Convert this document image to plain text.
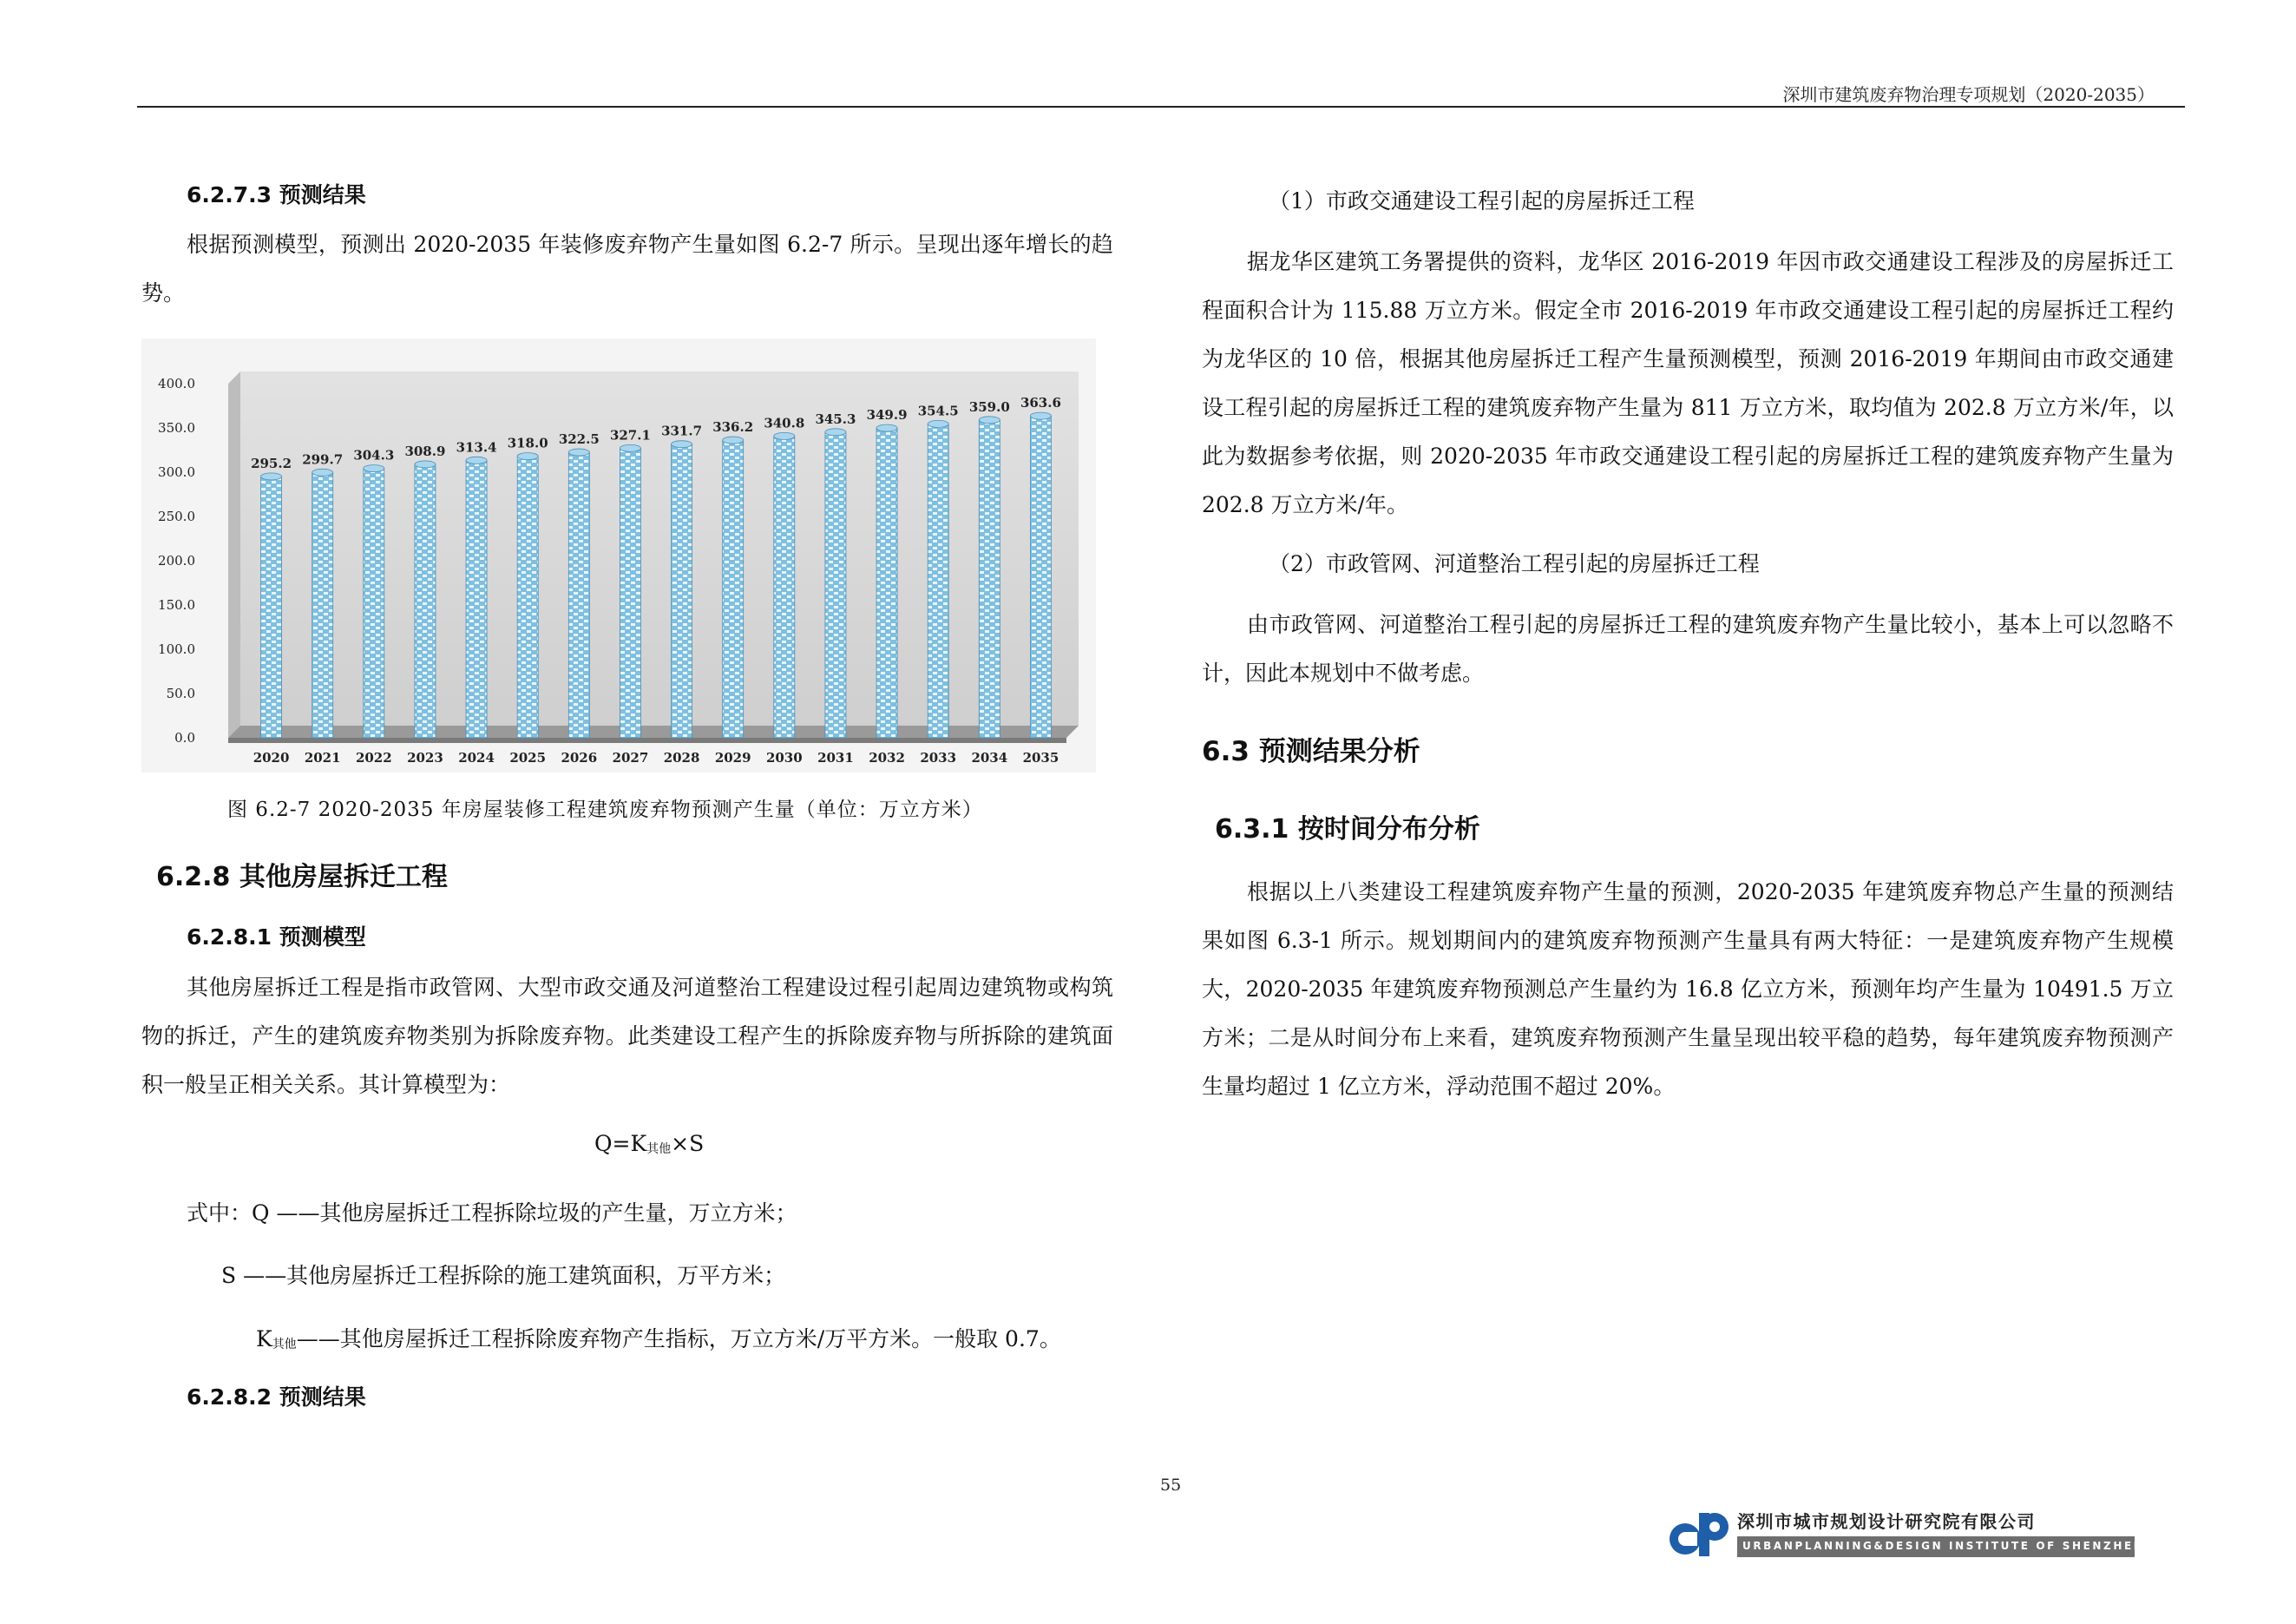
深圳市建筑废弃物治理专项规划（2020-2035）
6.2.7.3 预测结果
根据预测模型，预测出 2020-2035 年装修废弃物产生量如图 6.2-7 所示。呈现出逐年增长的趋势。
0.0
50.0
100.0
150.0
200.0
250.0
300.0
350.0
400.0
295.2 299.7 304.3 308.9 313.4 318.0 322.5 327.1 331.7 336.2 340.8 345.3 349.9 354.5 359.0 363.6
2020 2021 2022 2023 2024 2025 2026 2027 2028 2029 2030 2031 2032 2033 2034 2035
图 6.2-7 2020-2035 年房屋装修工程建筑废弃物预测产生量（单位：万立方米）
6.2.8 其他房屋拆迁工程
6.2.8.1 预测模型
其他房屋拆迁工程是指市政管网、大型市政交通及河道整治工程建设过程引起周边建筑物或构筑物的拆迁，产生的建筑废弃物类别为拆除废弃物。此类建设工程产生的拆除废弃物与所拆除的建筑面积一般呈正相关关系。其计算模型为：
$Q=K_{其他}\times S$
式中：Q ——其他房屋拆迁工程拆除垃圾的产生量，万立方米；
S ——其他房屋拆迁工程拆除的施工建筑面积，万平方米；
$K_{其他}——$其他房屋拆迁工程拆除废弃物产生指标，万立方米/万平方米。一般取 0.7。
6.2.8.2 预测结果
（1）市政交通建设工程引起的房屋拆迁工程
据龙华区建筑工务署提供的资料，龙华区 2016-2019 年因市政交通建设工程涉及的房屋拆迁工程面积合计为 115.88 万立方米。假定全市 2016-2019 年市政交通建设工程引起的房屋拆迁工程约为龙华区的 10 倍，根据其他房屋拆迁工程产生量预测模型，预测 2016-2019 年期间由市政交通建设工程引起的房屋拆迁工程的建筑废弃物产生量为 811 万立方米，取均值为 202.8 万立方米/年，以此为数据参考依据，则 2020-2035 年市政交通建设工程引起的房屋拆迁工程的建筑废弃物产生量为 202.8 万立方米/年。
（2）市政管网、河道整治工程引起的房屋拆迁工程
由市政管网、河道整治工程引起的房屋拆迁工程的建筑废弃物产生量比较小，基本上可以忽略不计，因此本规划中不做考虑。
6.3 预测结果分析
6.3.1 按时间分布分析
根据以上八类建设工程建筑废弃物产生量的预测，2020-2035 年建筑废弃物总产生量的预测结果如图 6.3-1 所示。规划期间内的建筑废弃物预测产生量具有两大特征：一是建筑废弃物产生规模大，2020-2035 年建筑废弃物预测总产生量约为 16.8 亿立方米，预测年均产生量为 10491.5 万立方米；二是从时间分布上来看，建筑废弃物预测产生量呈现出较平稳的趋势，每年建筑废弃物预测产生量均超过 1 亿立方米，浮动范围不超过 20%。
55
深圳市城市规划设计研究院有限公司
URBANPLANNING&DESIGN INSTITUTE OF SHENZHEN
